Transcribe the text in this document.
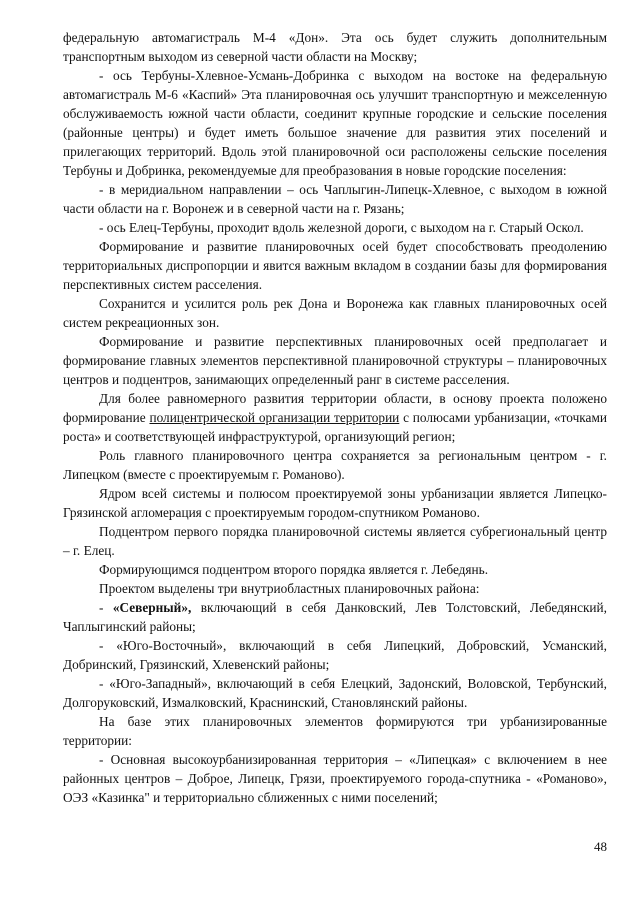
федеральную автомагистраль М-4 «Дон». Эта ось будет служить дополнительным транспортным выходом из северной части области на Москву;

- ось Тербуны-Хлевное-Усмань-Добринка с выходом на востоке на федеральную автомагистраль М-6 «Каспий» Эта планировочная ось улучшит транспортную и межселенную обслуживаемость южной части области, соединит крупные городские и сельские поселения (районные центры) и будет иметь большое значение для развития этих поселений и прилегающих территорий. Вдоль этой планировочной оси расположены сельские поселения Тербуны и Добринка, рекомендуемые для преобразования в новые городские поселения:

- в меридиальном направлении – ось Чаплыгин-Липецк-Хлевное, с выходом в южной части области на г. Воронеж и в северной части на г. Рязань;

- ось Елец-Тербуны, проходит вдоль железной дороги, с выходом на г. Старый Оскол.

Формирование и развитие планировочных осей будет способствовать преодолению территориальных диспропорции и явится важным вкладом в создании базы для формирования перспективных систем расселения.

Сохранится и усилится роль рек Дона и Воронежа как главных планировочных осей систем рекреационных зон.

Формирование и развитие перспективных планировочных осей предполагает и формирование главных элементов перспективной планировочной структуры – планировочных центров и подцентров, занимающих определенный ранг в системе расселения.

Для более равномерного развития территории области, в основу проекта положено формирование полицентрической организации территории с полюсами урбанизации, «точками роста» и соответствующей инфраструктурой, организующий регион;

Роль главного планировочного центра сохраняется за региональным центром - г. Липецком (вместе с проектируемым г. Романово).

Ядром всей системы и полюсом проектируемой зоны урбанизации является Липецко-Грязинской агломерация с проектируемым городом-спутником Романово.

Подцентром первого порядка планировочной системы является субрегиональный центр – г. Елец.

Формирующимся подцентром второго порядка является г. Лебедянь.

Проектом выделены три внутриобластных планировочных района:

- «Северный», включающий в себя Данковский, Лев Толстовский, Лебедянский, Чаплыгинский районы;

- «Юго-Восточный», включающий в себя Липецкий, Добровский, Усманский, Добринский, Грязинский, Хлевенский районы;

- «Юго-Западный», включающий в себя Елецкий, Задонский, Воловской, Тербунский, Долгоруковский, Измалковский, Краснинский, Становлянский районы.

На базе этих планировочных элементов формируются три урбанизированные территории:

- Основная высокоурбанизированная территория – «Липецкая» с включением в нее районных центров – Доброе, Липецк, Грязи, проектируемого города-спутника - «Романово», ОЭЗ «Казинка" и территориально сближенных с ними поселений;

48
